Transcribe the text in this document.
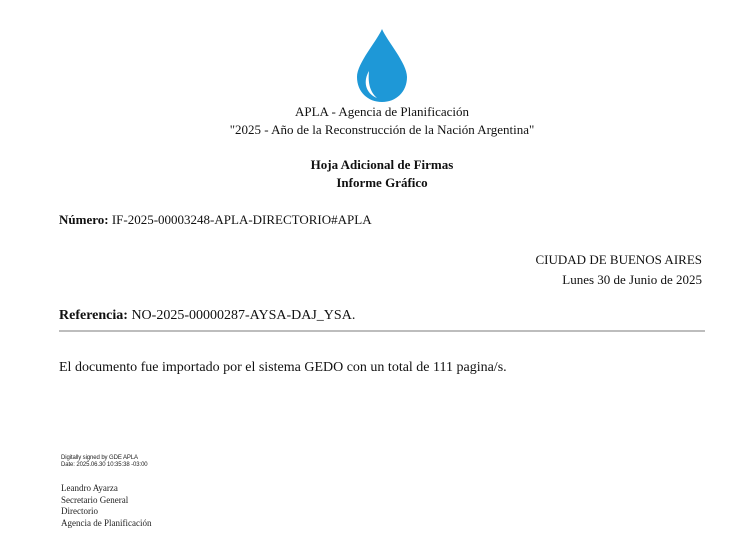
APLA - Agencia de Planificación
"2025 - Año de la Reconstrucción de la Nación Argentina"
Hoja Adicional de Firmas
Informe Gráfico
Número: IF-2025-00003248-APLA-DIRECTORIO#APLA
CIUDAD DE BUENOS AIRES
Lunes 30 de Junio de 2025
Referencia: NO-2025-00000287-AYSA-DAJ_YSA.
El documento fue importado por el sistema GEDO con un total de 111 pagina/s.
Digitally signed by GDE APLA
Date: 2025.06.30 10:35:38 -03:00
Leandro Ayarza
Secretario General
Directorio
Agencia de Planificación
